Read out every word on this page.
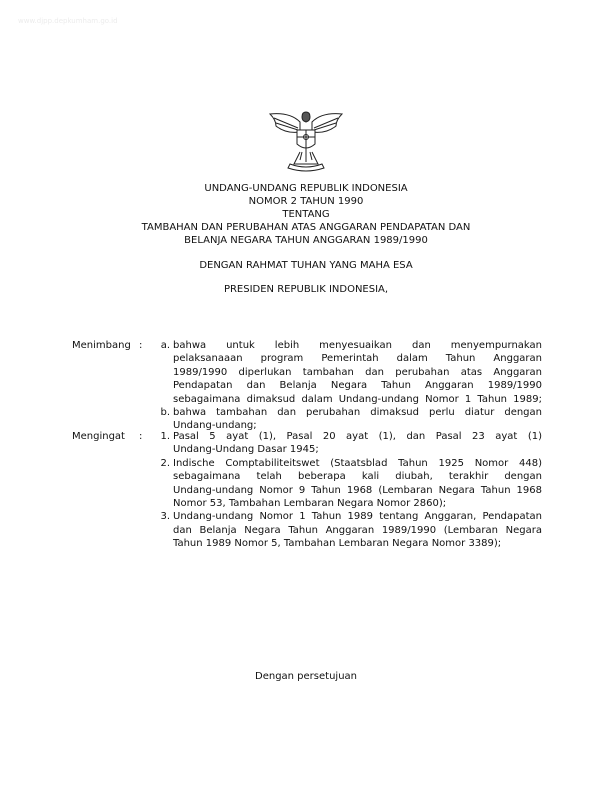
www.djpp.depkumham.go.id
UNDANG-UNDANG REPUBLIK INDONESIA
NOMOR 2 TAHUN 1990
TENTANG
TAMBAHAN DAN PERUBAHAN ATAS ANGGARAN PENDAPATAN DAN
BELANJA NEGARA TAHUN ANGGARAN 1989/1990
DENGAN RAHMAT TUHAN YANG MAHA ESA
PRESIDEN REPUBLIK INDONESIA,
Menimbang :	a. bahwa untuk lebih menyesuaikan dan menyempurnakan
pelaksanaaan program Pemerintah dalam Tahun Anggaran
1989/1990 diperlukan tambahan dan perubahan atas Anggaran
Pendapatan dan Belanja Negara Tahun Anggaran 1989/1990
sebagaimana dimaksud dalam Undang-undang Nomor 1 Tahun 1989;
b. bahwa tambahan dan perubahan dimaksud perlu diatur dengan
Undang-undang;
Mengingat :	1. Pasal 5 ayat (1), Pasal 20 ayat (1), dan Pasal 23 ayat (1)
Undang-Undang Dasar 1945;
2. Indische Comptabiliteitswet (Staatsblad Tahun 1925 Nomor 448)
sebagaimana telah beberapa kali diubah, terakhir dengan
Undang-undang Nomor 9 Tahun 1968 (Lembaran Negara Tahun 1968
Nomor 53, Tambahan Lembaran Negara Nomor 2860);
3. Undang-undang Nomor 1 Tahun 1989 tentang Anggaran, Pendapatan
dan Belanja Negara Tahun Anggaran 1989/1990 (Lembaran Negara
Tahun 1989 Nomor 5, Tambahan Lembaran Negara Nomor 3389);
Dengan persetujuan
